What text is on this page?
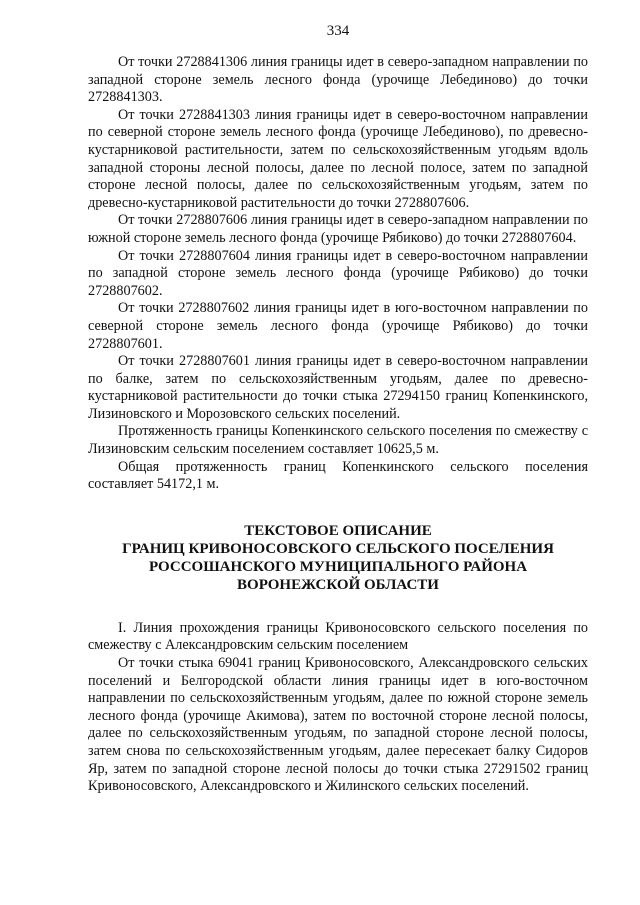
334

От точки 2728841306 линия границы идет в северо-западном направлении по западной стороне земель лесного фонда (урочище Лебединово) до точки 2728841303.

От точки 2728841303 линия границы идет в северо-восточном направлении по северной стороне земель лесного фонда (урочище Лебединово), по древесно-кустарниковой растительности, затем по сельскохозяйственным угодьям вдоль западной стороны лесной полосы, далее по лесной полосе, затем по западной стороне лесной полосы, далее по сельскохозяйственным угодьям, затем по древесно-кустарниковой растительности до точки 2728807606.

От точки 2728807606 линия границы идет в северо-западном направлении по южной стороне земель лесного фонда (урочище Рябиково) до точки 2728807604.

От точки 2728807604 линия границы идет в северо-восточном направлении по западной стороне земель лесного фонда (урочище Рябиково) до точки 2728807602.

От точки 2728807602 линия границы идет в юго-восточном направлении по северной стороне земель лесного фонда (урочище Рябиково) до точки 2728807601.

От точки 2728807601 линия границы идет в северо-восточном направлении по балке, затем по сельскохозяйственным угодьям, далее по древесно-кустарниковой растительности до точки стыка 27294150 границ Копенкинского, Лизиновского и Морозовского сельских поселений.

Протяженность границы Копенкинского сельского поселения по смежеству с Лизиновским сельским поселением составляет 10625,5 м.

Общая протяженность границ Копенкинского сельского поселения составляет 54172,1 м.

ТЕКСТОВОЕ ОПИСАНИЕ
ГРАНИЦ КРИВОНОСОВСКОГО СЕЛЬСКОГО ПОСЕЛЕНИЯ
РОССОШАНСКОГО МУНИЦИПАЛЬНОГО РАЙОНА
ВОРОНЕЖСКОЙ ОБЛАСТИ

I. Линия прохождения границы Кривоносовского сельского поселения по смежеству с Александровским сельским поселением

От точки стыка 69041 границ Кривоносовского, Александровского сельских поселений и Белгородской области линия границы идет в юго-восточном направлении по сельскохозяйственным угодьям, далее по южной стороне земель лесного фонда (урочище Акимова), затем по восточной стороне лесной полосы, далее по сельскохозяйственным угодьям, по западной стороне лесной полосы, затем снова по сельскохозяйственным угодьям, далее пересекает балку Сидоров Яр, затем по западной стороне лесной полосы до точки стыка 27291502 границ Кривоносовского, Александровского и Жилинского сельских поселений.
